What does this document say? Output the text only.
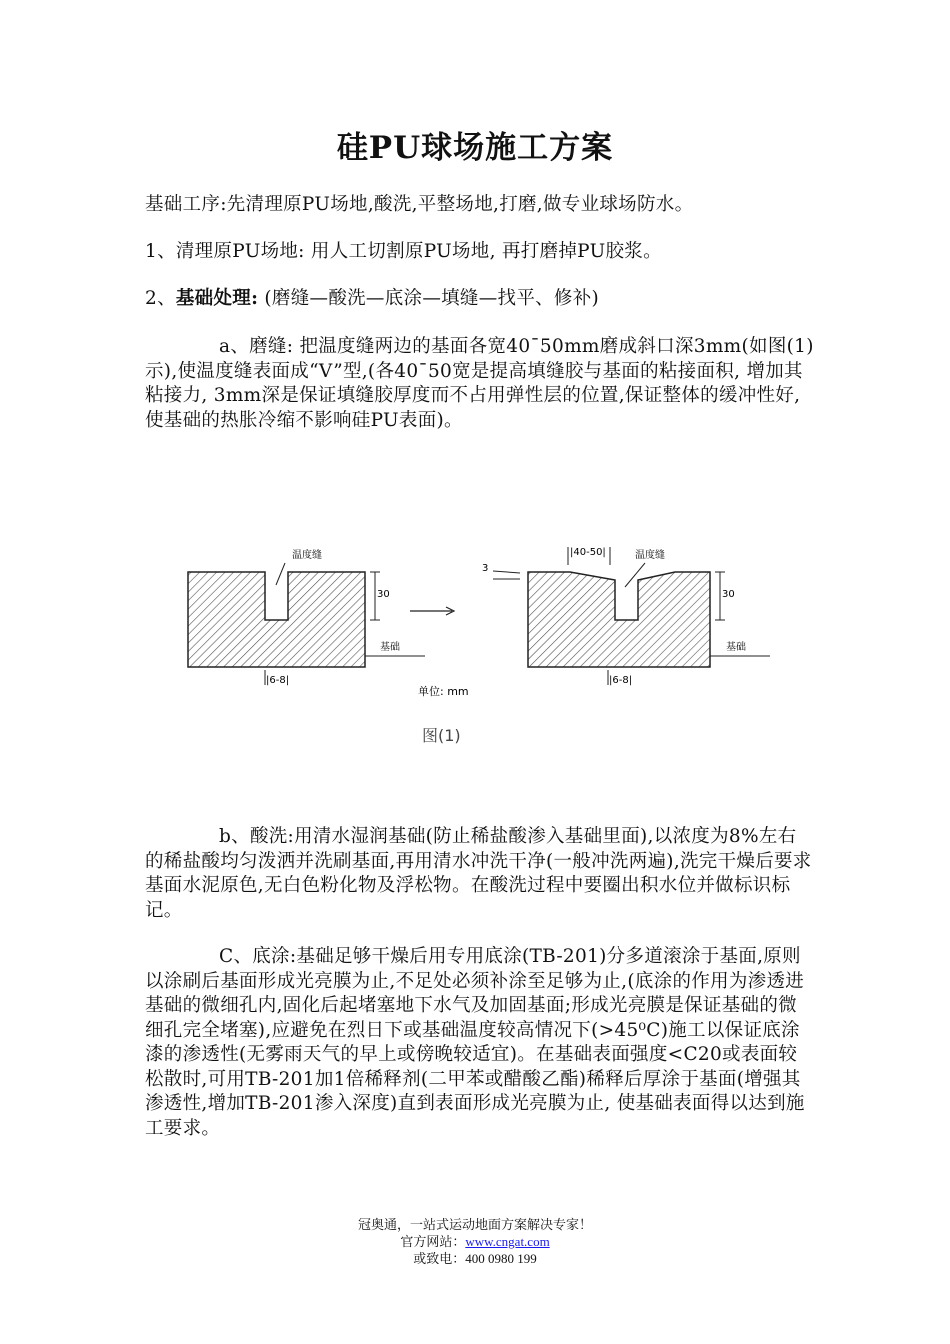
硅PU球场施工方案

基础工序:先清理原PU场地,酸洗,平整场地,打磨,做专业球场防水。

1、清理原PU场地: 用人工切割原PU场地, 再打磨掉PU胶浆。

2、基础处理: (磨缝—酸洗—底涂—填缝—找平、修补)

a、磨缝: 把温度缝两边的基面各宽40¯50mm磨成斜口深3mm(如图(1)示),使温度缝表面成“V”型,(各40¯50宽是提高填缝胶与基面的粘接面积, 增加其粘接力, 3mm深是保证填缝胶厚度而不占用弹性层的位置,保证整体的缓冲性好,使基础的热胀冷缩不影响硅PU表面)。

30
温度缝
基础
|6-8|
|40-50|
3
温度缝
30
基础
|6-8|
单位: mm
图(1)

b、酸洗:用清水湿润基础(防止稀盐酸渗入基础里面),以浓度为8%左右的稀盐酸均匀泼洒并洗刷基面,再用清水冲洗干净(一般冲洗两遍),洗完干燥后要求基面水泥原色,无白色粉化物及浮松物。在酸洗过程中要圈出积水位并做标识标记。

C、底涂:基础足够干燥后用专用底涂(TB-201)分多道滚涂于基面,原则以涂刷后基面形成光亮膜为止,不足处必须补涂至足够为止,(底涂的作用为渗透进基础的微细孔内,固化后起堵塞地下水气及加固基面;形成光亮膜是保证基础的微细孔完全堵塞),应避免在烈日下或基础温度较高情况下(>45⁰C)施工以保证底涂漆的渗透性(无雾雨天气的早上或傍晚较适宜)。在基础表面强度<C20或表面较松散时,可用TB-201加1倍稀释剂(二甲苯或醋酸乙酯)稀释后厚涂于基面(增强其渗透性,增加TB-201渗入深度)直到表面形成光亮膜为止, 使基础表面得以达到施工要求。

冠奥通，一站式运动地面方案解决专家！
官方网站：www.cngat.com
或致电：400 0980 199
